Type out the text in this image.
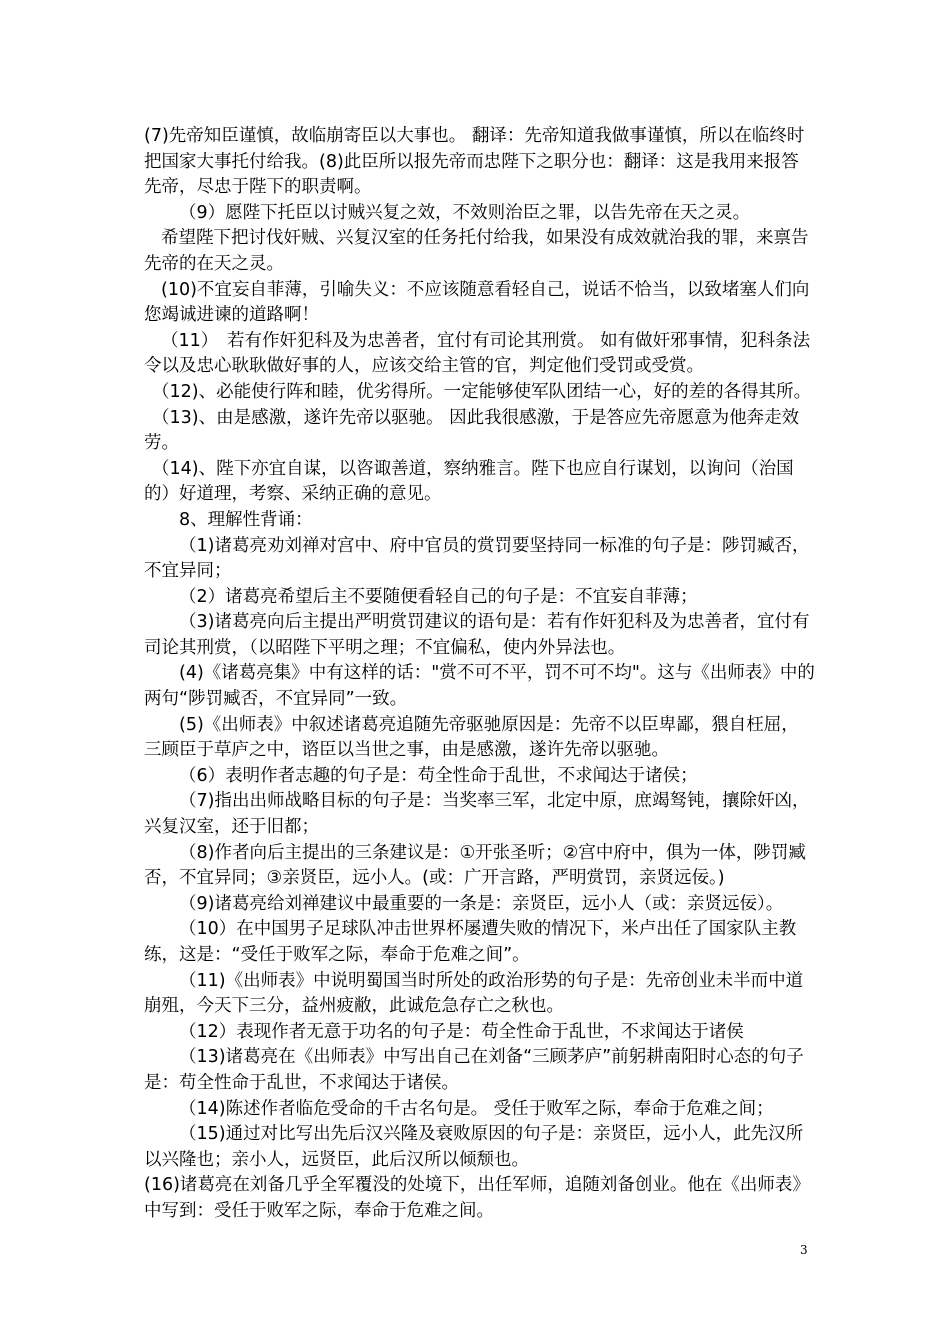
(7)先帝知臣谨慎，故临崩寄臣以大事也。 翻译：先帝知道我做事谨慎，所以在临终时把国家大事托付给我。(8)此臣所以报先帝而忠陛下之职分也：翻译：这是我用来报答先帝，尽忠于陛下的职责啊。

（9）愿陛下托臣以讨贼兴复之效，不效则治臣之罪，以告先帝在天之灵。

希望陛下把讨伐奸贼、兴复汉室的任务托付给我，如果没有成效就治我的罪，来禀告先帝的在天之灵。

(10)不宜妄自菲薄，引喻失义：不应该随意看轻自己，说话不恰当，以致堵塞人们向您竭诚进谏的道路啊！

（11）　若有作奸犯科及为忠善者，宜付有司论其刑赏。 如有做奸邪事情，犯科条法令以及忠心耿耿做好事的人，应该交给主管的官，判定他们受罚或受赏。

（12)、必能使行阵和睦，优劣得所。一定能够使军队团结一心，好的差的各得其所。

（13)、由是感激，遂许先帝以驱驰。 因此我很感激，于是答应先帝愿意为他奔走效劳。

（14)、陛下亦宜自谋，以咨诹善道，察纳雅言。陛下也应自行谋划，以询问（治国的）好道理，考察、采纳正确的意见。

8、理解性背诵：

（1)诸葛亮劝刘禅对宫中、府中官员的赏罚要坚持同一标准的句子是：陟罚臧否，不宜异同；

（2）诸葛亮希望后主不要随便看轻自己的句子是：不宜妄自菲薄；

（3)诸葛亮向后主提出严明赏罚建议的语句是：若有作奸犯科及为忠善者，宜付有司论其刑赏，（以昭陛下平明之理；不宜偏私，使内外异法也。

(4)《诸葛亮集》中有这样的话："赏不可不平，罚不可不均"。这与《出师表》中的两句“陟罚臧否，不宜异同”一致。

(5)《出师表》中叙述诸葛亮追随先帝驱驰原因是：先帝不以臣卑鄙，猥自枉屈，三顾臣于草庐之中，谘臣以当世之事，由是感激，遂许先帝以驱驰。

（6）表明作者志趣的句子是：苟全性命于乱世，不求闻达于诸侯；

（7)指出出师战略目标的句子是：当奖率三军，北定中原，庶竭驽钝，攘除奸凶，兴复汉室，还于旧都；

（8)作者向后主提出的三条建议是：①开张圣听；②宫中府中，俱为一体，陟罚臧否，不宜异同；③亲贤臣，远小人。(或：广开言路，严明赏罚，亲贤远佞。)

（9)诸葛亮给刘禅建议中最重要的一条是：亲贤臣，远小人（或：亲贤远佞）。

（10）在中国男子足球队冲击世界杯屡遭失败的情况下，米卢出任了国家队主教练，这是：“受任于败军之际，奉命于危难之间”。

（11)《出师表》中说明蜀国当时所处的政治形势的句子是：先帝创业未半而中道崩殂，今天下三分，益州疲敝，此诚危急存亡之秋也。

（12）表现作者无意于功名的句子是：苟全性命于乱世，不求闻达于诸侯

（13)诸葛亮在《出师表》中写出自己在刘备“三顾茅庐”前躬耕南阳时心态的句子是：苟全性命于乱世，不求闻达于诸侯。

（14)陈述作者临危受命的千古名句是。 受任于败军之际，奉命于危难之间；

（15)通过对比写出先后汉兴隆及衰败原因的句子是：亲贤臣，远小人，此先汉所以兴隆也；亲小人，远贤臣，此后汉所以倾颓也。

(16)诸葛亮在刘备几乎全军覆没的处境下，出任军师，追随刘备创业。他在《出师表》中写到：受任于败军之际，奉命于危难之间。

3
